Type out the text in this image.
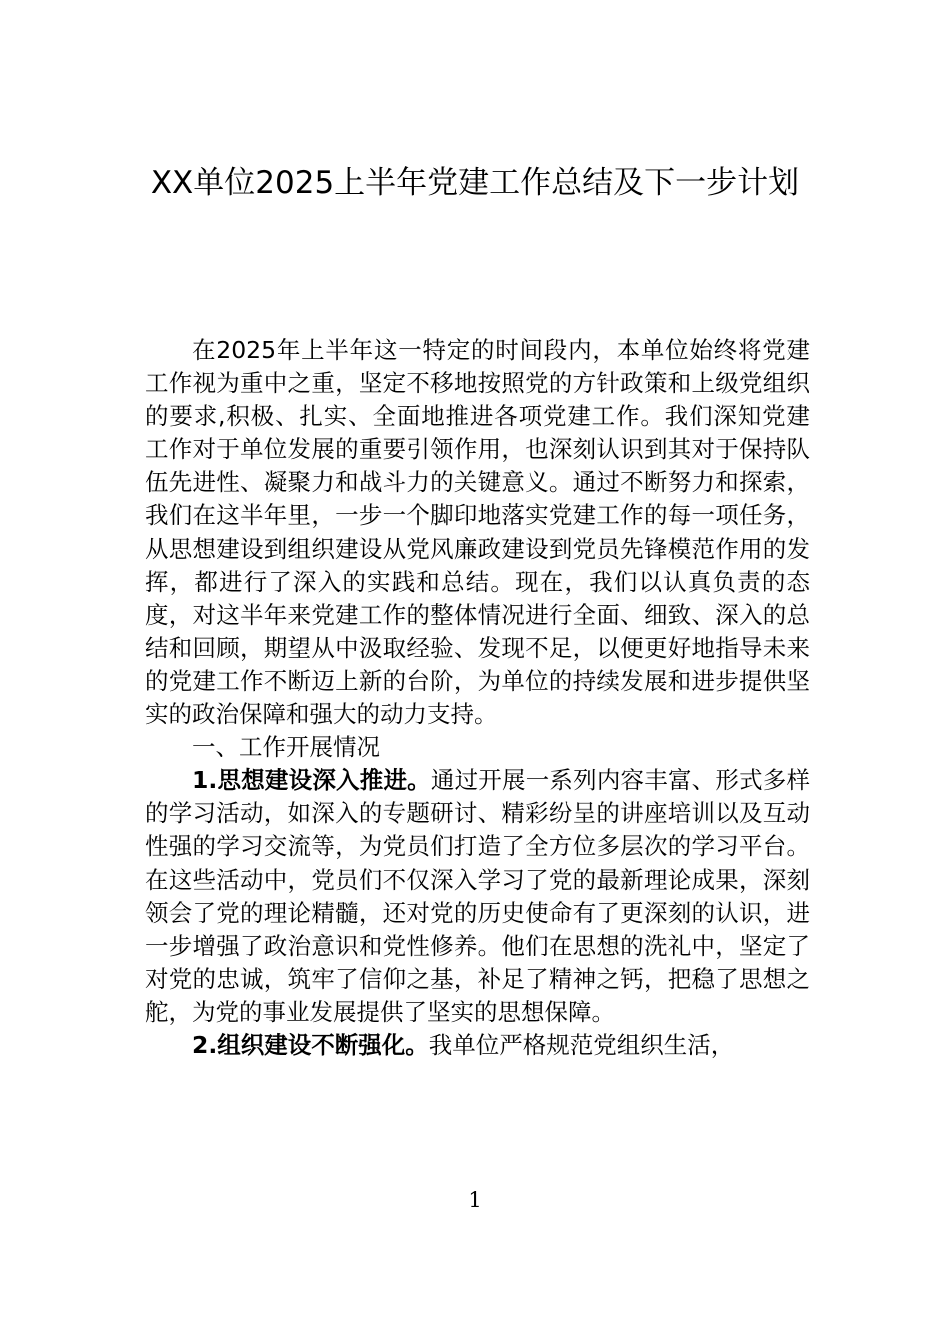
XX单位2025上半年党建工作总结及下一步计划

在2025年上半年这一特定的时间段内，本单位始终将党建工作视为重中之重，坚定不移地按照党的方针政策和上级党组织的要求,积极、扎实、全面地推进各项党建工作。我们深知党建工作对于单位发展的重要引领作用，也深刻认识到其对于保持队伍先进性、凝聚力和战斗力的关键意义。通过不断努力和探索，我们在这半年里，一步一个脚印地落实党建工作的每一项任务，从思想建设到组织建设从党风廉政建设到党员先锋模范作用的发挥，都进行了深入的实践和总结。现在，我们以认真负责的态度，对这半年来党建工作的整体情况进行全面、细致、深入的总结和回顾，期望从中汲取经验、发现不足，以便更好地指导未来的党建工作不断迈上新的台阶，为单位的持续发展和进步提供坚实的政治保障和强大的动力支持。

一、工作开展情况

1.思想建设深入推进。通过开展一系列内容丰富、形式多样的学习活动，如深入的专题研讨、精彩纷呈的讲座培训以及互动性强的学习交流等，为党员们打造了全方位多层次的学习平台。在这些活动中，党员们不仅深入学习了党的最新理论成果，深刻领会了党的理论精髓，还对党的历史使命有了更深刻的认识，进一步增强了政治意识和党性修养。他们在思想的洗礼中，坚定了对党的忠诚，筑牢了信仰之基，补足了精神之钙，把稳了思想之舵，为党的事业发展提供了坚实的思想保障。

2.组织建设不断强化。我单位严格规范党组织生活，

1
